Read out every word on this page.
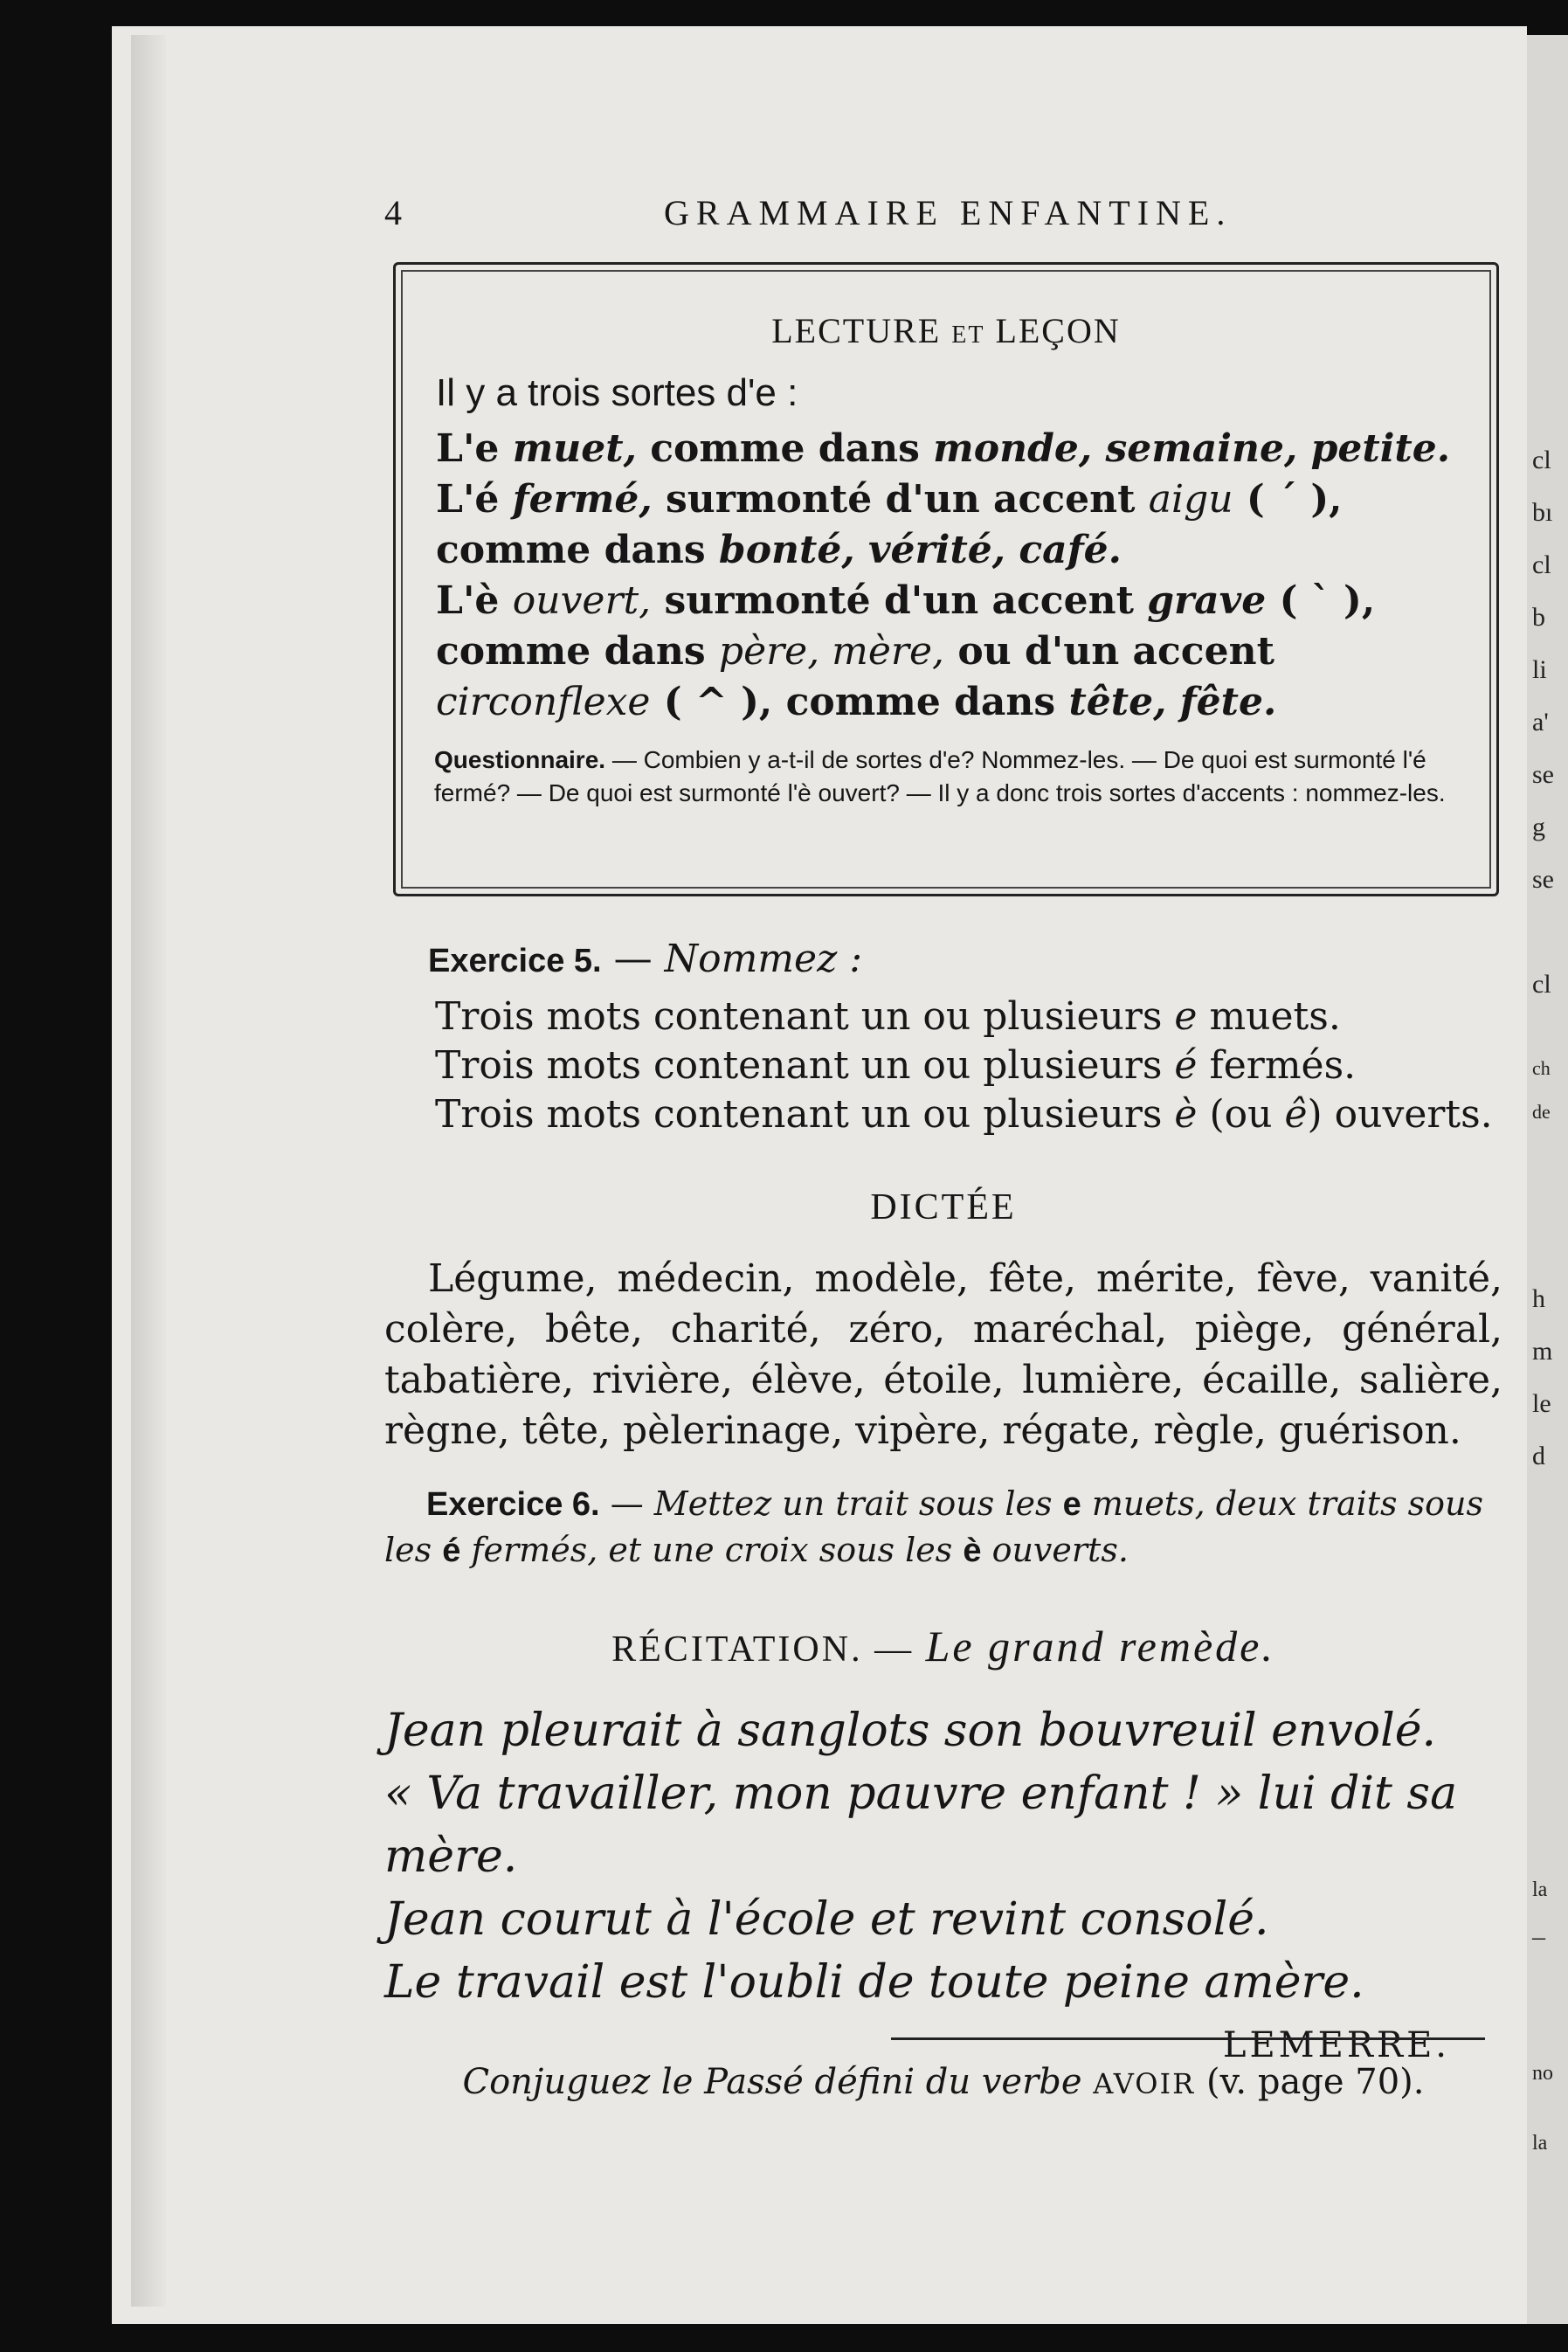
cl
bı
cl
b
li
a'
se
g
se
cl
ch
de
h
m
le
d
la
–
no
la
4	GRAMMAIRE ENFANTINE.
LECTURE ET LEÇON

Il y a trois sortes d'e :

L'e muet, comme dans monde, semaine, petite.

L'é fermé, surmonté d'un accent aigu ( ´ ), comme dans bonté, vérité, café.

L'è ouvert, surmonté d'un accent grave ( ` ), comme dans père, mère, ou d'un accent circonflexe ( ^ ), comme dans tête, fête.

Questionnaire. — Combien y a-t-il de sortes d'e? Nommez-les. — De quoi est surmonté l'é fermé? — De quoi est surmonté l'è ouvert? — Il y a donc trois sortes d'accents : nommez-les.
Exercice 5. — Nommez :
Trois mots contenant un ou plusieurs e muets.
Trois mots contenant un ou plusieurs é fermés.
Trois mots contenant un ou plusieurs è (ou ê) ouverts.
DICTÉE
Légume, médecin, modèle, fête, mérite, fève, vanité, colère, bête, charité, zéro, maréchal, piège, général, tabatière, rivière, élève, étoile, lumière, écaille, salière, règne, tête, pèlerinage, vipère, régate, règle, guérison.
Exercice 6. — Mettez un trait sous les e muets, deux traits sous les é fermés, et une croix sous les è ouverts.
RÉCITATION. — Le grand remède.

Jean pleurait à sanglots son bouvreuil envolé.

« Va travailler, mon pauvre enfant ! » lui dit sa mère.

Jean courut à l'école et revint consolé.

Le travail est l'oubli de toute peine amère.

LEMERRE.

Conjuguez le Passé défini du verbe AVOIR (v. page 70).
